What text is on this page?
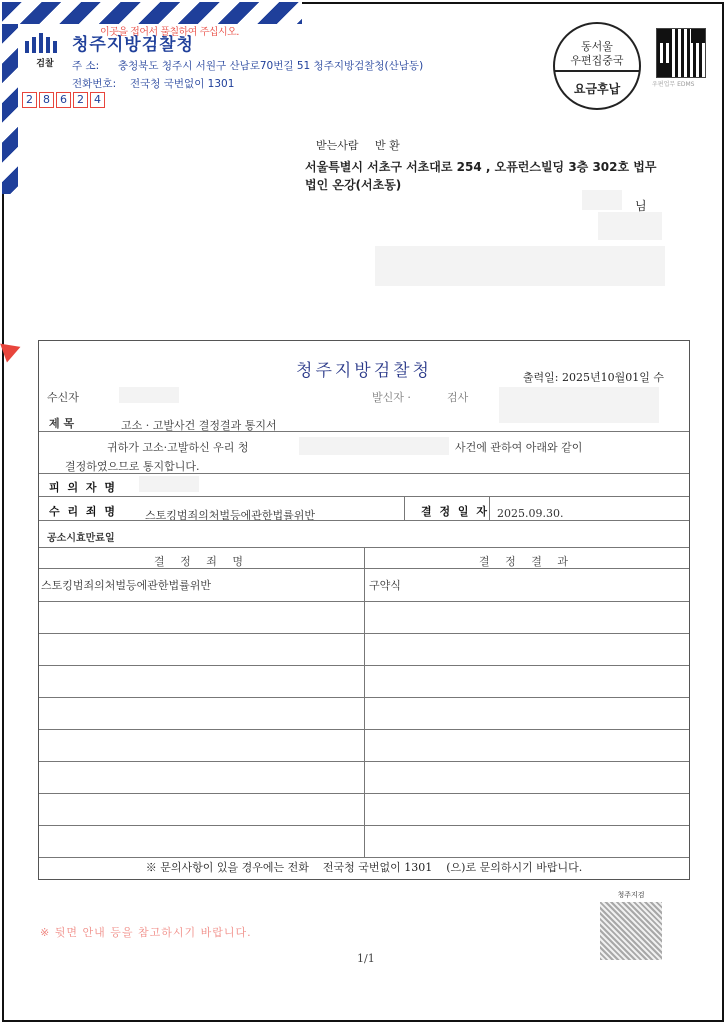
이곳을 접어서 풀칠하여 주십시오.
검찰
청주지방검찰청
주 소: 충청북도 청주시 서원구 산남로70번길 51 청주지방검찰청(산남동)
전화번호: 전국청 국번없이 1301
2 8 6 2 4
동서울
우편집중국
요금후납	우편업무 EDMS
받는사람 반 환
서울특별시 서초구 서초대로 254 , 오퓨런스빌딩 3층 302호 법무
법인 온강(서초동)
님
청주지방검찰청	출력일: 2025년10월01일 수
수신자	발신자 ·	검사
제 목	고소 · 고발사건 결정결과 통지서
귀하가 고소·고발하신 우리 청	사건에 관하여 아래와 같이
결정하였으므로 통지합니다.
피 의 자 명
수 리 죄 명	스토킹범죄의처벌등에관한법률위반	결 정 일 자 2025.09.30.
공소시효만료일
결 정 죄 명	결 정 결 과
스토킹범죄의처벌등에관한법률위반	구약식
※ 문의사항이 있을 경우에는 전화 전국청 국번없이 1301 (으)로 문의하시기 바랍니다.
※ 뒷면 안내 등을 참고하시기 바랍니다.
1/1
청주지검
